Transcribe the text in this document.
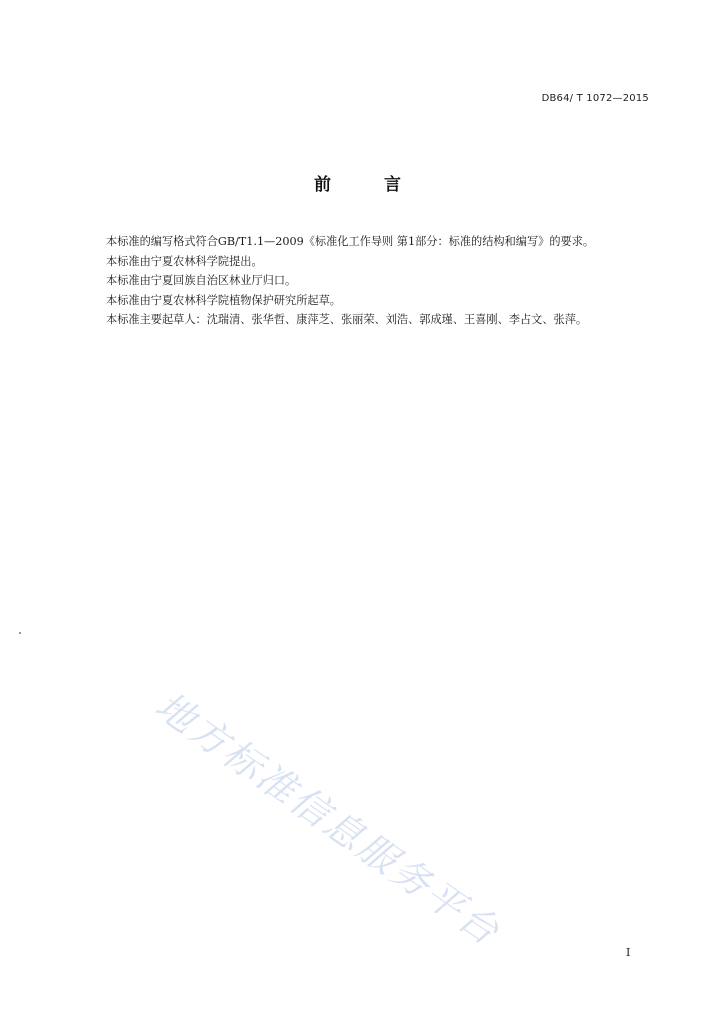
DB64/ T 1072—2015
前　言

本标准的编写格式符合GB/T1.1—2009《标准化工作导则 第1部分：标准的结构和编写》的要求。

本标准由宁夏农林科学院提出。

本标准由宁夏回族自治区林业厅归口。

本标准由宁夏农林科学院植物保护研究所起草。

本标准主要起草人：沈瑞清、张华哲、康萍芝、张丽荣、刘浩、郭成瑾、王喜刚、李占文、张萍。

地方标准信息服务平台	I
